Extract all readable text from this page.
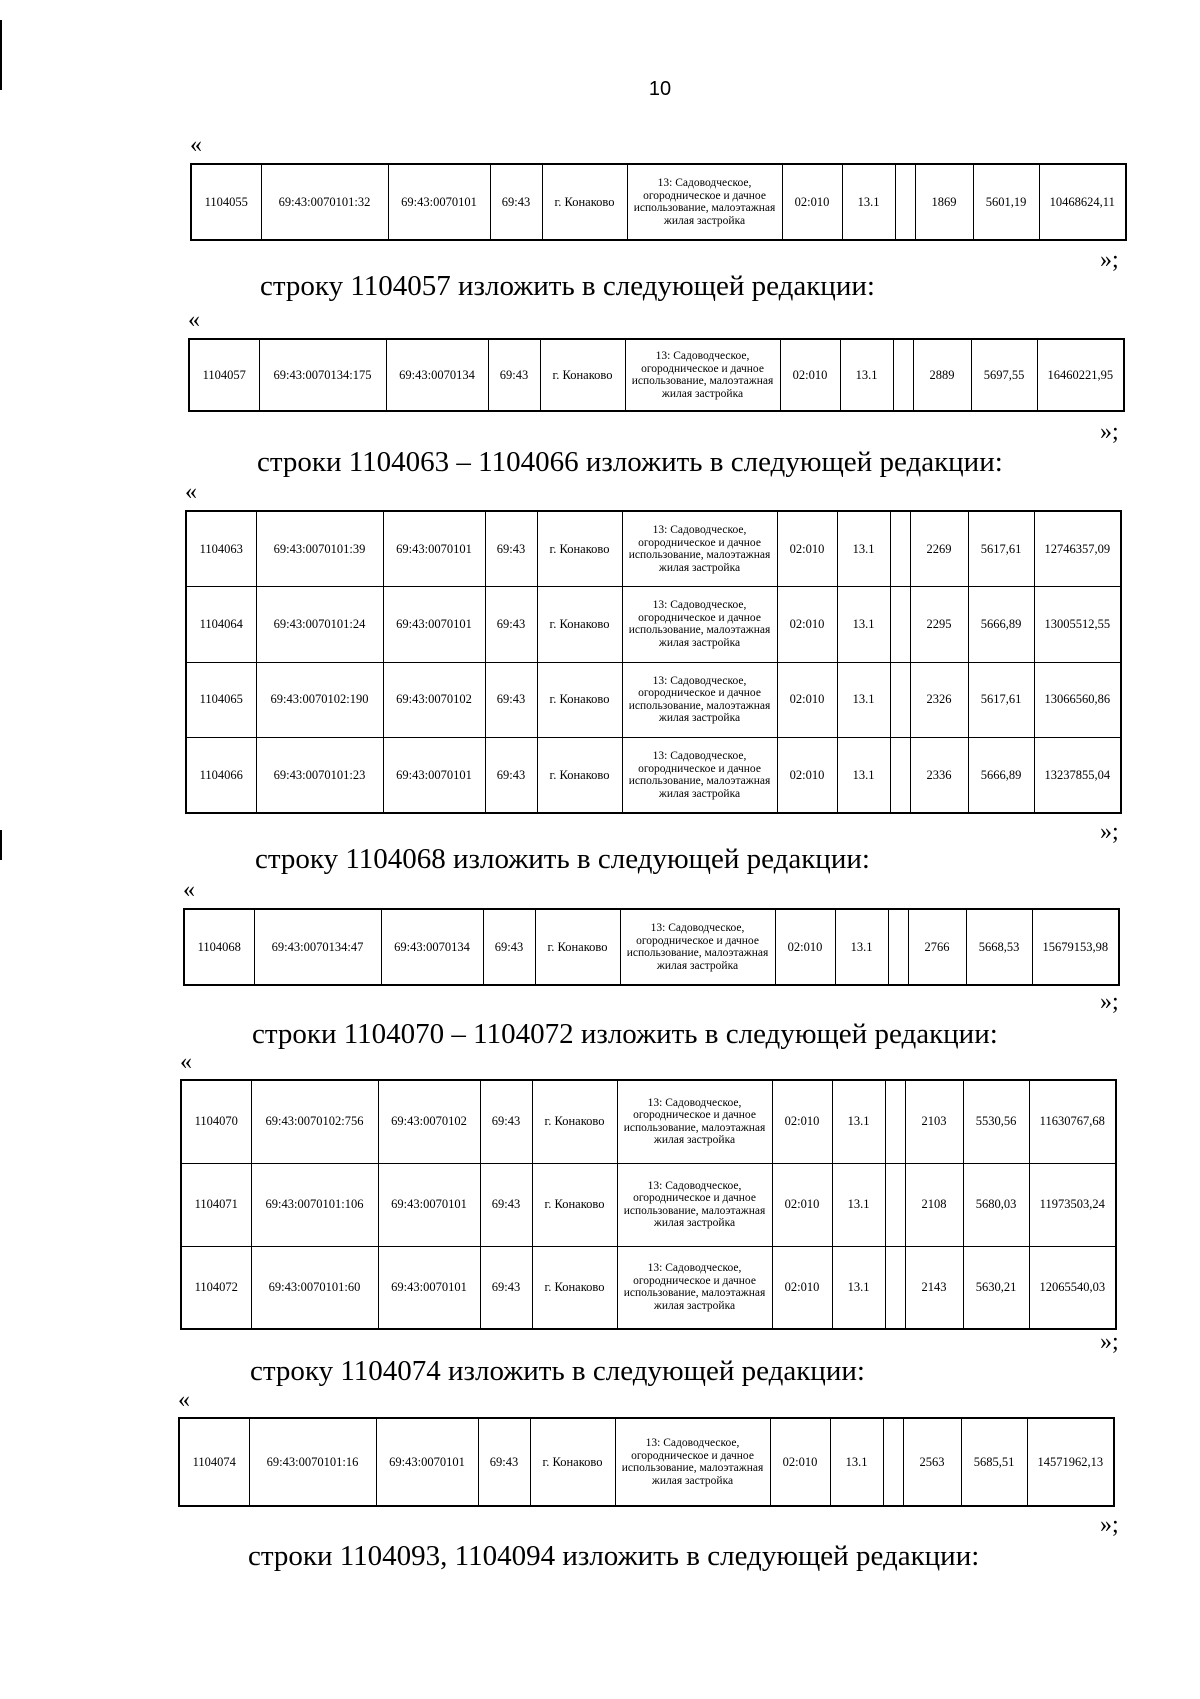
10
«
1104055	69:43:0070101:32	69:43:0070101	69:43	г. Конаково	13: Садоводческое, огородническое и дачное использование, малоэтажная жилая застройка	02:010	13.1		1869	5601,19	10468624,11
»;
строку 1104057 изложить в следующей редакции:
«
1104057	69:43:0070134:175	69:43:0070134	69:43	г. Конаково	13: Садоводческое, огородническое и дачное использование, малоэтажная жилая застройка	02:010	13.1		2889	5697,55	16460221,95
»;
строки 1104063 – 1104066 изложить в следующей редакции:
«
1104063	69:43:0070101:39	69:43:0070101	69:43	г. Конаково	13: Садоводческое, огородническое и дачное использование, малоэтажная жилая застройка	02:010	13.1		2269	5617,61	12746357,09
1104064	69:43:0070101:24	69:43:0070101	69:43	г. Конаково	13: Садоводческое, огородническое и дачное использование, малоэтажная жилая застройка	02:010	13.1		2295	5666,89	13005512,55
1104065	69:43:0070102:190	69:43:0070102	69:43	г. Конаково	13: Садоводческое, огородническое и дачное использование, малоэтажная жилая застройка	02:010	13.1		2326	5617,61	13066560,86
1104066	69:43:0070101:23	69:43:0070101	69:43	г. Конаково	13: Садоводческое, огородническое и дачное использование, малоэтажная жилая застройка	02:010	13.1		2336	5666,89	13237855,04
»;
строку 1104068 изложить в следующей редакции:
«
1104068	69:43:0070134:47	69:43:0070134	69:43	г. Конаково	13: Садоводческое, огородническое и дачное использование, малоэтажная жилая застройка	02:010	13.1		2766	5668,53	15679153,98
»;
строки 1104070 – 1104072 изложить в следующей редакции:
«
1104070	69:43:0070102:756	69:43:0070102	69:43	г. Конаково	13: Садоводческое, огородническое и дачное использование, малоэтажная жилая застройка	02:010	13.1		2103	5530,56	11630767,68
1104071	69:43:0070101:106	69:43:0070101	69:43	г. Конаково	13: Садоводческое, огородническое и дачное использование, малоэтажная жилая застройка	02:010	13.1		2108	5680,03	11973503,24
1104072	69:43:0070101:60	69:43:0070101	69:43	г. Конаково	13: Садоводческое, огородническое и дачное использование, малоэтажная жилая застройка	02:010	13.1		2143	5630,21	12065540,03
»;
строку 1104074 изложить в следующей редакции:
«
1104074	69:43:0070101:16	69:43:0070101	69:43	г. Конаково	13: Садоводческое, огородническое и дачное использование, малоэтажная жилая застройка	02:010	13.1		2563	5685,51	14571962,13
»;
строки 1104093, 1104094 изложить в следующей редакции:
